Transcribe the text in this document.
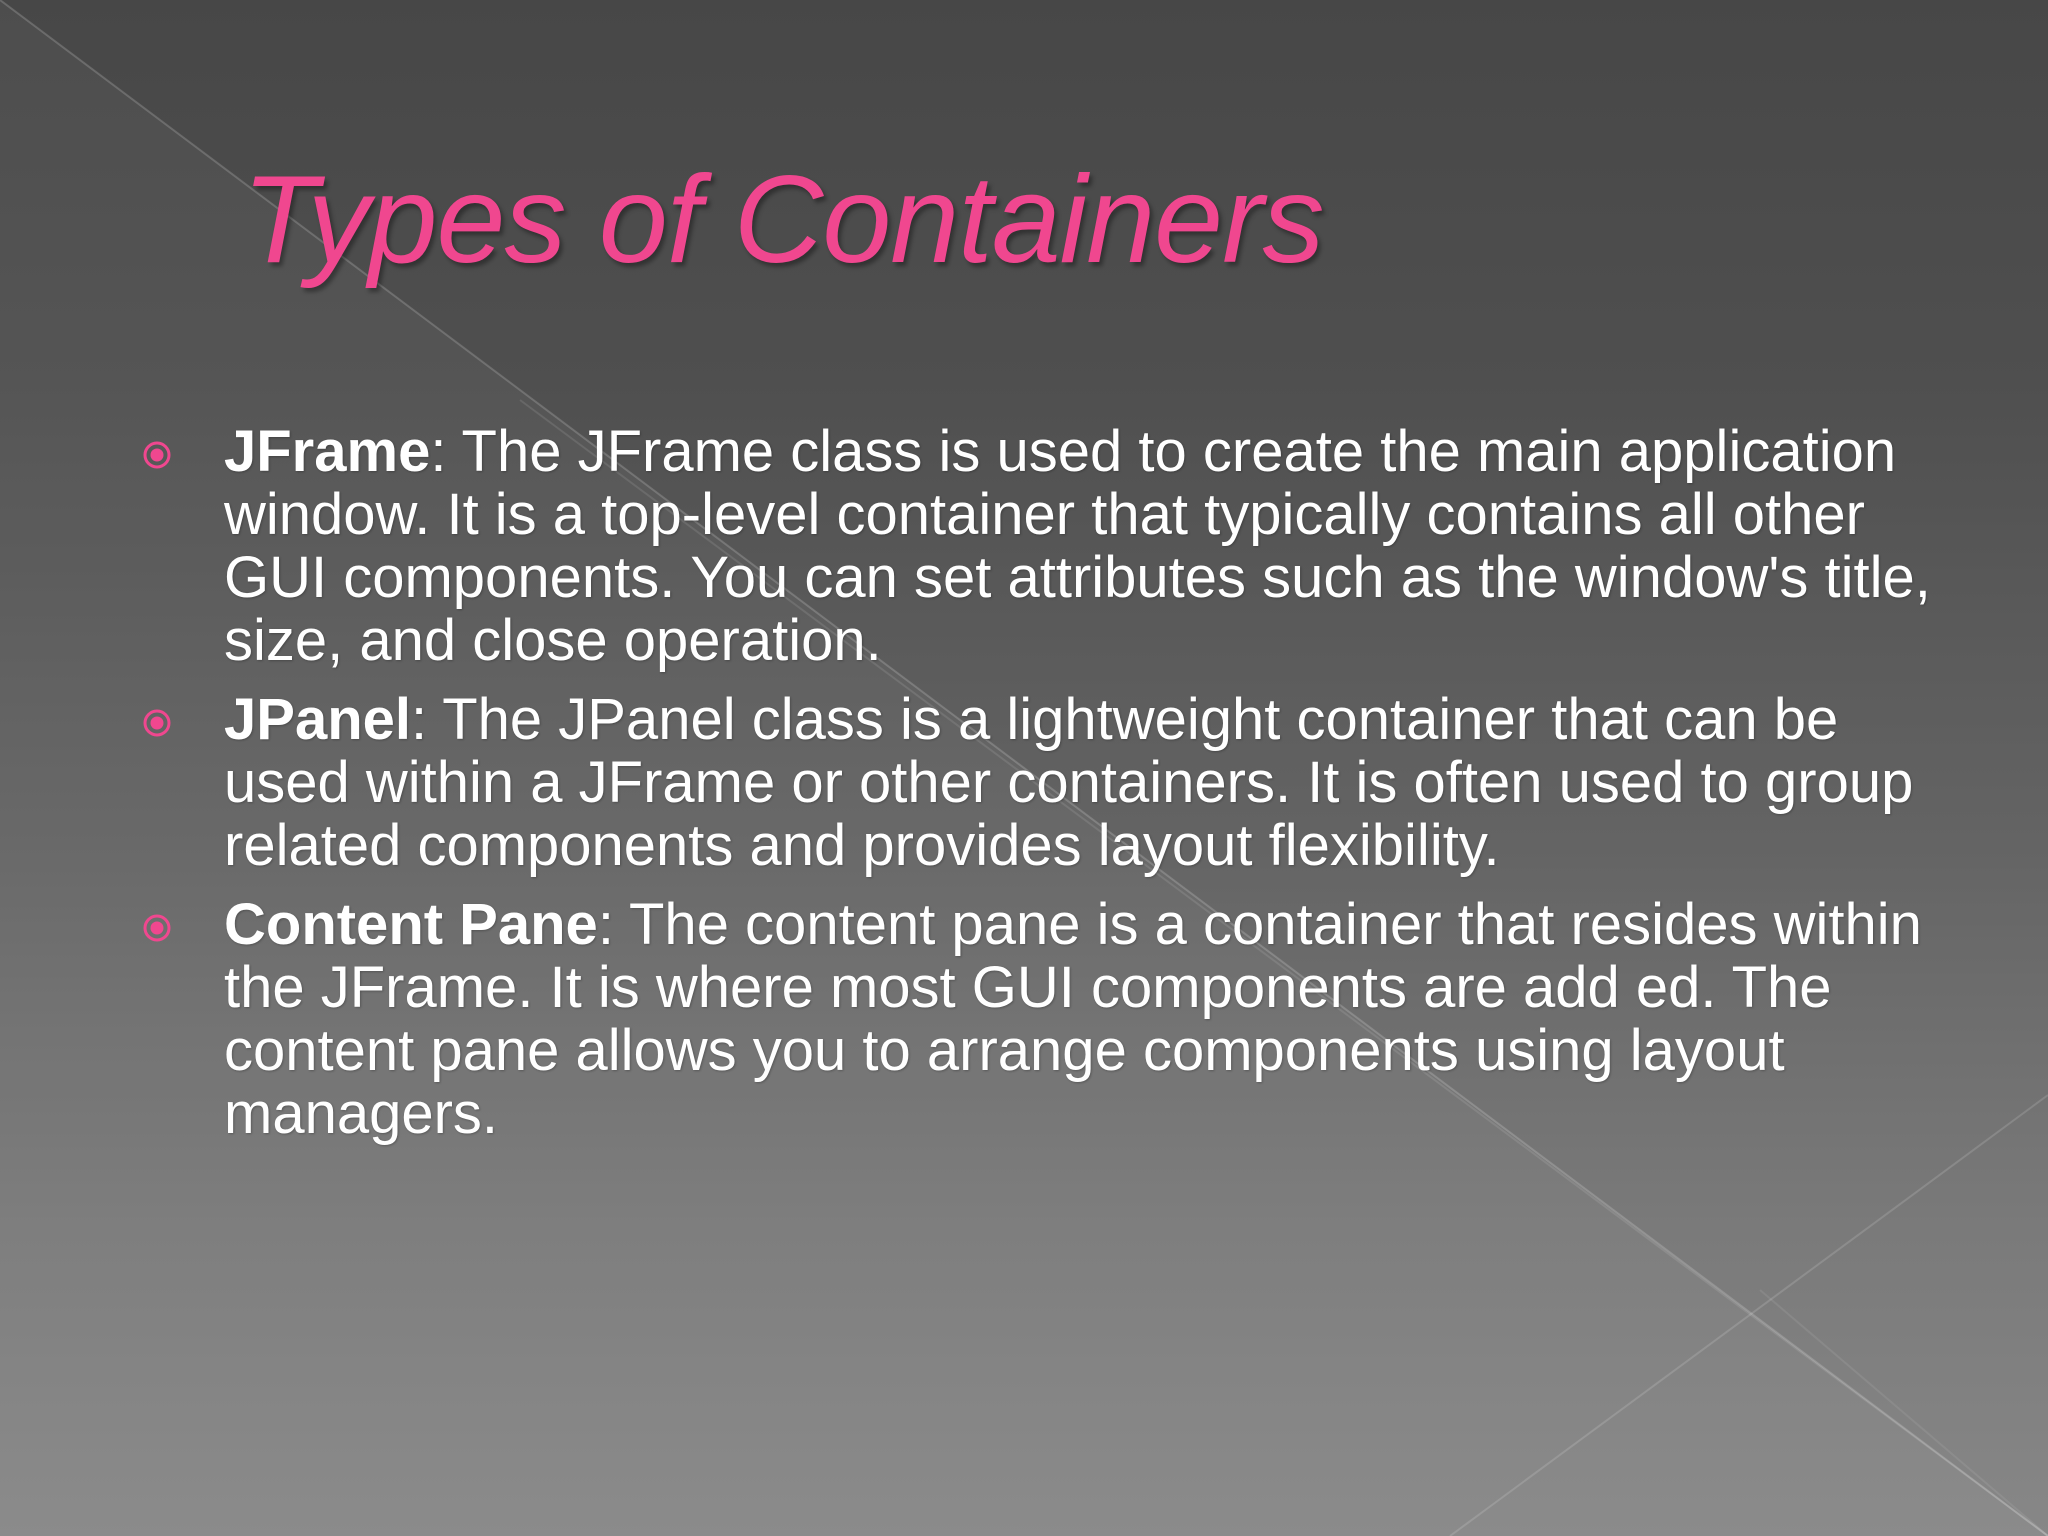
Types of Containers
JFrame: The JFrame class is used to create the main application window. It is a top-level container that typically contains all other GUI components. You can set attributes such as the window's title, size, and close operation.
JPanel: The JPanel class is a lightweight container that can be used within a JFrame or other containers. It is often used to group related components and provides layout flexibility.
Content Pane: The content pane is a container that resides within the JFrame. It is where most GUI components are add ed. The content pane allows you to arrange components using layout managers.
